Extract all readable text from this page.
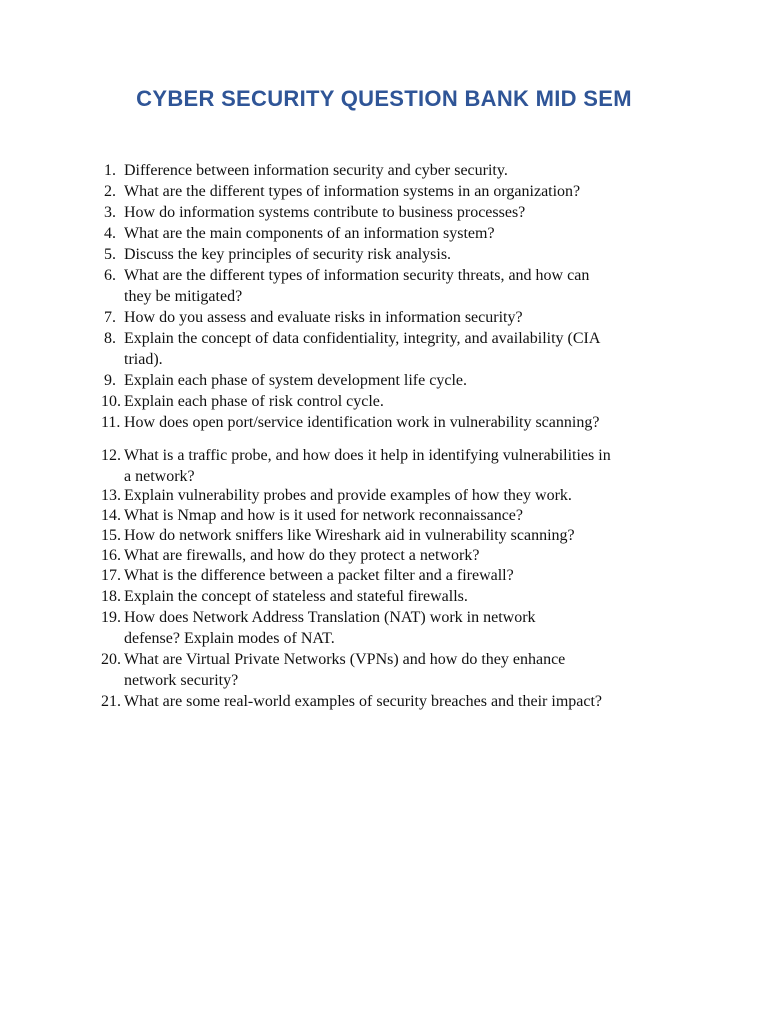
CYBER SECURITY QUESTION BANK MID SEM
1. Difference between information security and cyber security.
2. What are the different types of information systems in an organization?
3. How do information systems contribute to business processes?
4. What are the main components of an information system?
5. Discuss the key principles of security risk analysis.
6. What are the different types of information security threats, and how can
they be mitigated?
7. How do you assess and evaluate risks in information security?
8. Explain the concept of data confidentiality, integrity, and availability (CIA
triad).
9. Explain each phase of system development life cycle.
10. Explain each phase of risk control cycle.
11. How does open port/service identification work in vulnerability scanning?
12. What is a traffic probe, and how does it help in identifying vulnerabilities in
a network?
13. Explain vulnerability probes and provide examples of how they work.
14. What is Nmap and how is it used for network reconnaissance?
15. How do network sniffers like Wireshark aid in vulnerability scanning?
16. What are firewalls, and how do they protect a network?
17. What is the difference between a packet filter and a firewall?
18. Explain the concept of stateless and stateful firewalls.
19. How does Network Address Translation (NAT) work in network
defense? Explain modes of NAT.
20. What are Virtual Private Networks (VPNs) and how do they enhance
network security?
21. What are some real-world examples of security breaches and their impact?
